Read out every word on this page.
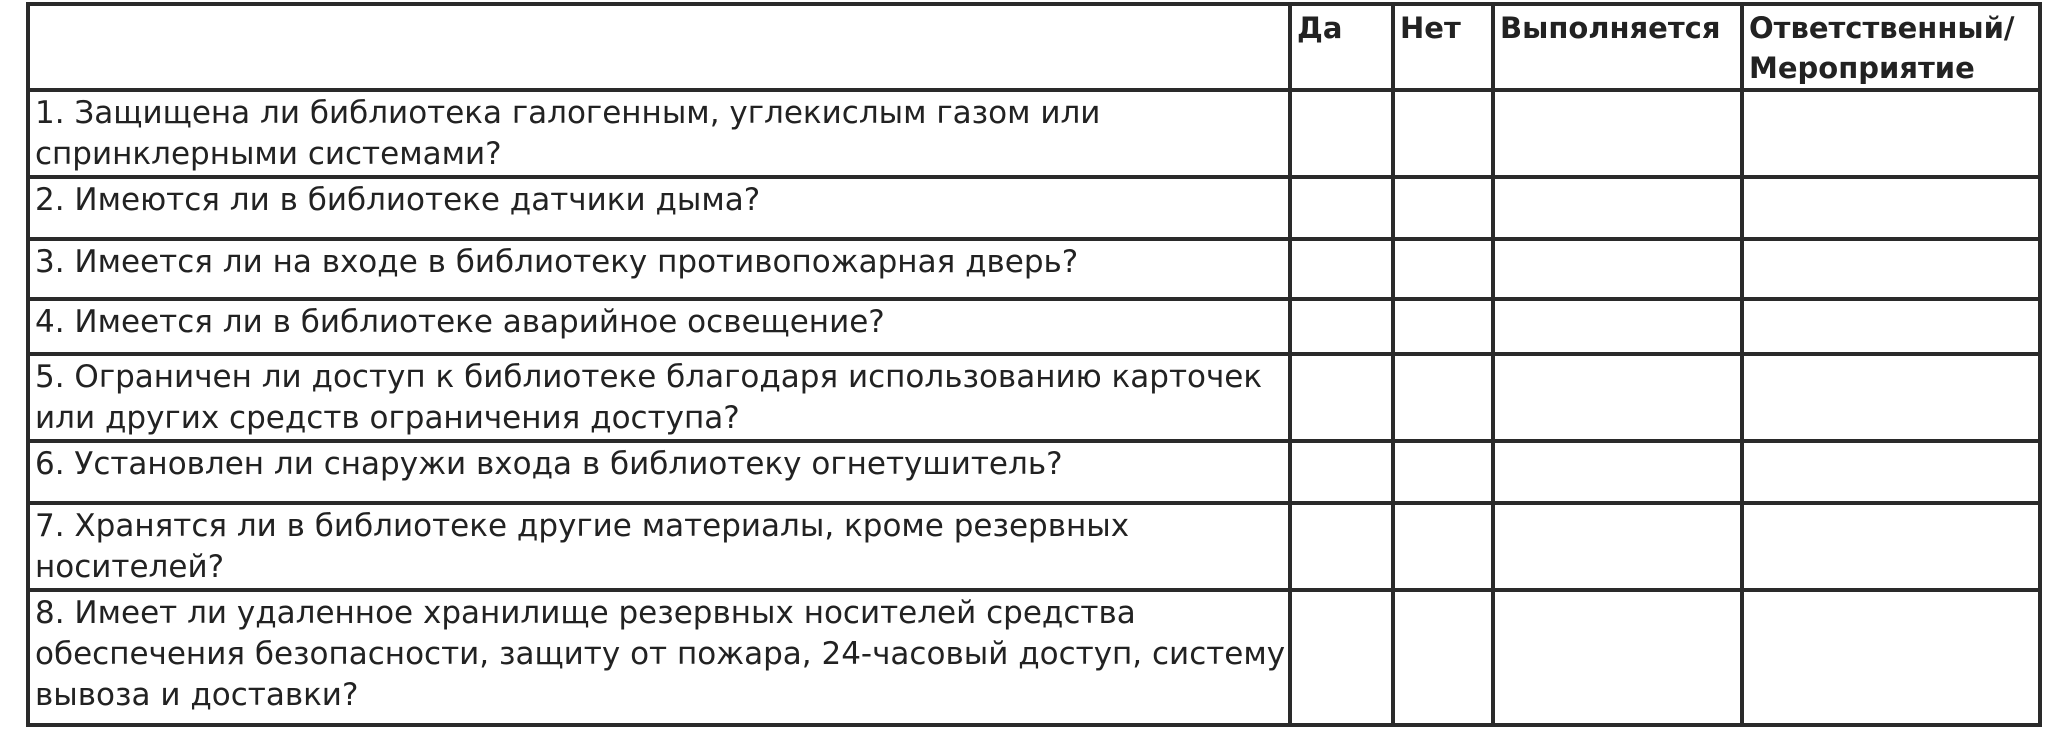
	Да	Нет	Выполняется	Ответственный/ Мероприятие
1. Защищена ли библиотека галогенным, углекислым газом или спринклерными системами?				
2. Имеются ли в библиотеке датчики дыма?				
3. Имеется ли на входе в библиотеку противопожарная дверь?				
4. Имеется ли в библиотеке аварийное освещение?				
5. Ограничен ли доступ к библиотеке благодаря использованию карточек или других средств ограничения доступа?				
6. Установлен ли снаружи входа в библиотеку огнетушитель?				
7. Хранятся ли в библиотеке другие материалы, кроме резервных носителей?				
8. Имеет ли удаленное хранилище резервных носителей средства обеспечения безопасности, защиту от пожара, 24-часовый доступ, систему вывоза и доставки?				
